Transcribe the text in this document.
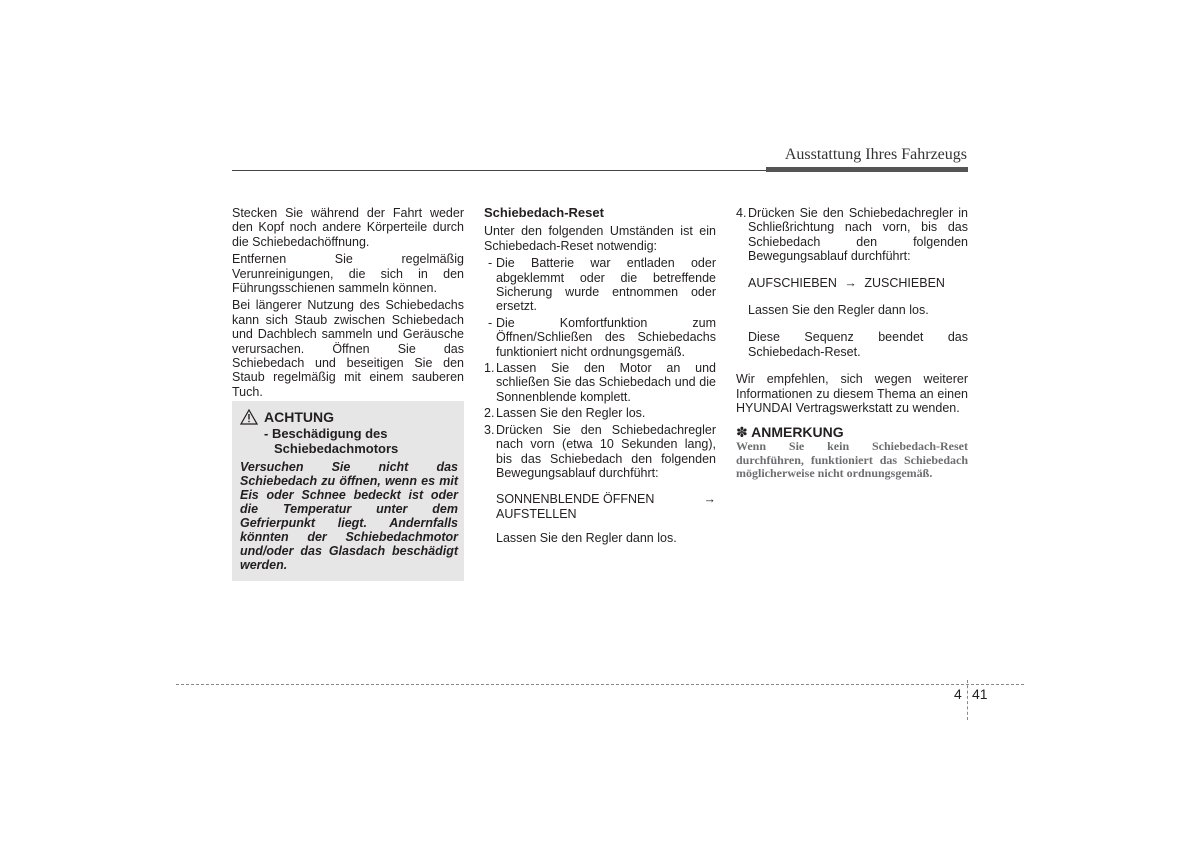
Ausstattung Ihres Fahrzeugs

Stecken Sie während der Fahrt weder den Kopf noch andere Körperteile durch die Schiebedachöffnung.

Entfernen Sie regelmäßig Verunreinigungen, die sich in den Führungsschienen sammeln können.

Bei längerer Nutzung des Schiebedachs kann sich Staub zwischen Schiebedach und Dachblech sammeln und Geräusche verursachen. Öffnen Sie das Schiebedach und beseitigen Sie den Staub regelmäßig mit einem sauberen Tuch.

ACHTUNG
- Beschädigung des
Schiebedachmotors
Versuchen Sie nicht das Schiebedach zu öffnen, wenn es mit Eis oder Schnee bedeckt ist oder die Temperatur unter dem Gefrierpunkt liegt. Andernfalls könnten der Schiebedachmotor und/oder das Glasdach beschädigt werden.
Schiebedach-Reset

Unter den folgenden Umständen ist ein Schiebedach-Reset notwendig:

- Die Batterie war entladen oder abgeklemmt oder die betreffende Sicherung wurde entnommen oder ersetzt.
- Die Komfortfunktion zum Öffnen/Schließen des Schiebedachs funktioniert nicht ordnungsgemäß.
1. Lassen Sie den Motor an und schließen Sie das Schiebedach und die Sonnenblende komplett.
2. Lassen Sie den Regler los.
3. Drücken Sie den Schiebedachregler nach vorn (etwa 10 Sekunden lang), bis das Schiebedach den folgenden Bewegungsablauf durchführt:
SONNENBLENDE ÖFFNEN	→
AUFSTELLEN

Lassen Sie den Regler dann los.

4. Drücken Sie den Schiebedachregler in Schließrichtung nach vorn, bis das Schiebedach den folgenden Bewegungsablauf durchführt:

AUFSCHIEBEN → ZUSCHIEBEN

Lassen Sie den Regler dann los.

Diese Sequenz beendet das Schiebedach-Reset.

Wir empfehlen, sich wegen weiterer Informationen zu diesem Thema an einen HYUNDAI Vertragswerkstatt zu wenden.

✽ ANMERKUNG
Wenn Sie kein Schiebedach-Reset durchführen, funktioniert das Schiebedach möglicherweise nicht ordnungsgemäß.
4 41
